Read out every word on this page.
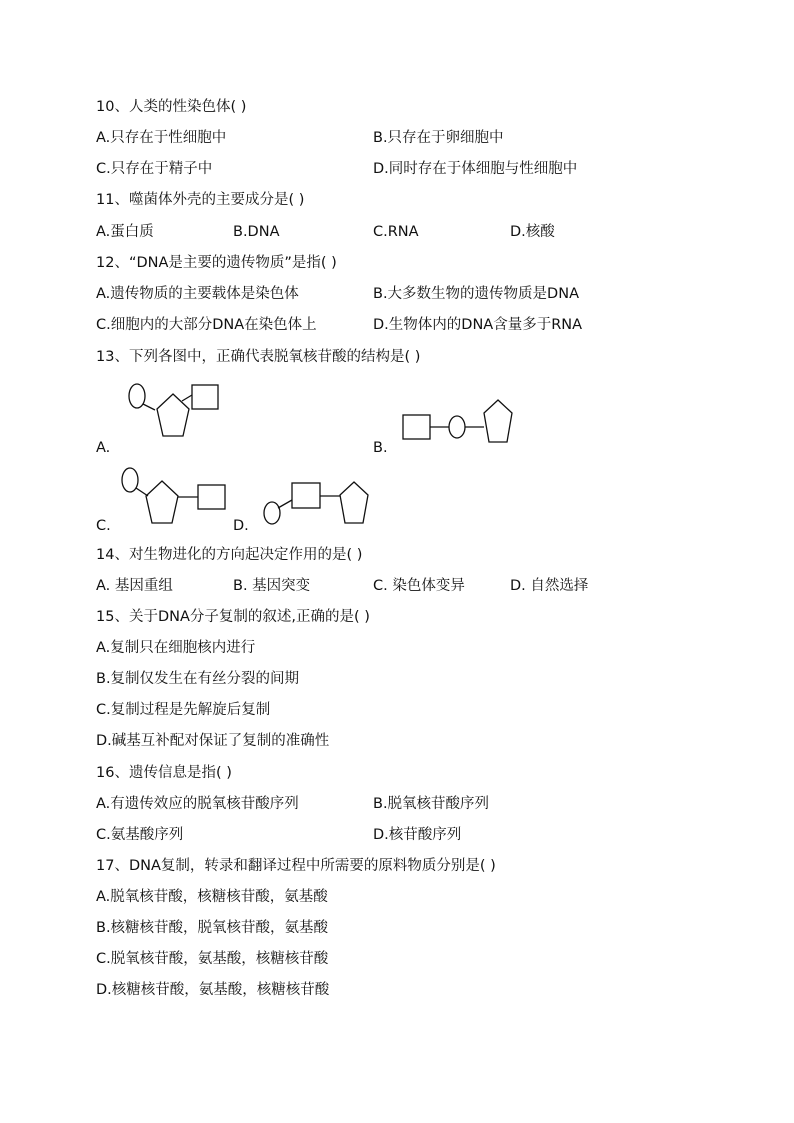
10、人类的性染色体( )
A.只存在于性细胞中	B.只存在于卵细胞中
C.只存在于精子中	D.同时存在于体细胞与性细胞中
11、噬菌体外壳的主要成分是( )
A.蛋白质	B.DNA	C.RNA	D.核酸
12、“DNA是主要的遗传物质”是指( )
A.遗传物质的主要载体是染色体	B.大多数生物的遗传物质是DNA
C.细胞内的大部分DNA在染色体上	D.生物体内的DNA含量多于RNA
13、下列各图中，正确代表脱氧核苷酸的结构是( )
A.	B.
C.	D.
14、对生物进化的方向起决定作用的是( )
A. 基因重组	B. 基因突变	C. 染色体变异	D. 自然选择
15、关于DNA分子复制的叙述,正确的是( )
A.复制只在细胞核内进行
B.复制仅发生在有丝分裂的间期
C.复制过程是先解旋后复制
D.碱基互补配对保证了复制的准确性
16、遗传信息是指( )
A.有遗传效应的脱氧核苷酸序列	B.脱氧核苷酸序列
C.氨基酸序列	D.核苷酸序列
17、DNA复制，转录和翻译过程中所需要的原料物质分别是( )
A.脱氧核苷酸，核糖核苷酸，氨基酸
B.核糖核苷酸，脱氧核苷酸，氨基酸
C.脱氧核苷酸，氨基酸，核糖核苷酸
D.核糖核苷酸，氨基酸，核糖核苷酸
